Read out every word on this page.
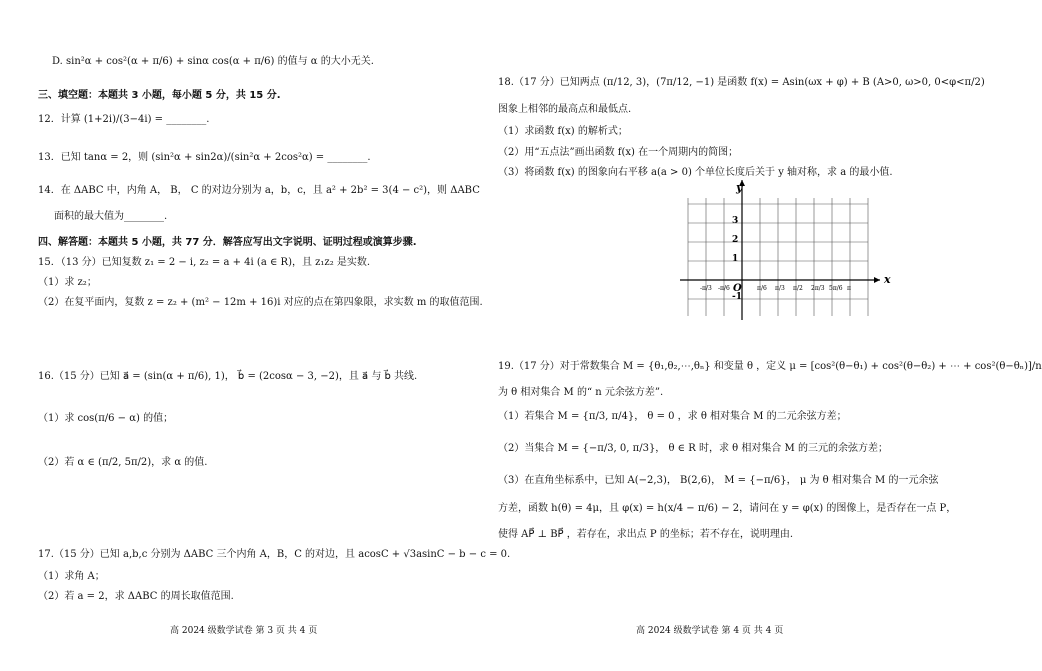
D. sin²α + cos²(α + π/6) + sinα cos(α + π/6) 的值与 α 的大小无关.
三、填空题：本题共 3 小题，每小题 5 分，共 15 分.
12．计算 (1+2i)/(3−4i) = ________.
13．已知 tanα = 2，则 (sin²α + sin2α)/(sin²α + 2cos²α) = ________.
14．在 ΔABC 中，内角 A， B， C 的对边分别为 a，b，c，且 a² + 2b² = 3(4 − c²)，则 ΔABC
面积的最大值为________.
四、解答题：本题共 5 小题，共 77 分．解答应写出文字说明、证明过程或演算步骤.
15．（13 分）已知复数 z₁ = 2 − i, z₂ = a + 4i (a ∈ R)，且 z₁z₂ 是实数.
（1）求 z₂；
（2）在复平面内，复数 z = z₂ + (m² − 12m + 16)i 对应的点在第四象限，求实数 m 的取值范围.
16.（15 分）已知 a⃗ = (sin(α + π/6), 1)， b⃗ = (2cosα − 3, −2)，且 a⃗ 与 b⃗ 共线.
（1）求 cos(π/6 − α) 的值；
（2）若 α ∈ (π/2, 5π/2)，求 α 的值.
17.（15 分）已知 a,b,c 分别为 ΔABC 三个内角 A，B，C 的对边，且 acosC + √3asinC − b − c = 0.
（1）求角 A；
（2）若 a = 2，求 ΔABC 的周长取值范围.
高 2024 级数学试卷 第 3 页 共 4 页
18.（17 分）已知两点 (π/12, 3)，(7π/12, −1) 是函数 f(x) = Asin(ωx + φ) + B (A>0, ω>0, 0<φ<π/2)
图象上相邻的最高点和最低点.
（1）求函数 f(x) 的解析式；
（2）用“五点法”画出函数 f(x) 在一个周期内的简图；
（3）将函数 f(x) 的图象向右平移 a(a > 0) 个单位长度后关于 y 轴对称，求 a 的最小值.
y
x
O
3
2
1
-1
-π/3 -π/6	π/6 π/3 π/2 2π/3 5π/6 π
19.（17 分）对于常数集合 M = {θ₁,θ₂,⋯,θₙ} 和变量 θ ，定义 μ = [cos²(θ−θ₁) + cos²(θ−θ₂) + ⋯ + cos²(θ−θₙ)]/n
为 θ 相对集合 M 的“ n 元余弦方差”.
（1）若集合 M = {π/3, π/4}， θ = 0 ，求 θ 相对集合 M 的二元余弦方差；
（2）当集合 M = {−π/3, 0, π/3}， θ ∈ R 时，求 θ 相对集合 M 的三元的余弦方差；
（3）在直角坐标系中，已知 A(−2,3)， B(2,6)， M = {−π/6}， μ 为 θ 相对集合 M 的一元余弦
方差，函数 h(θ) = 4μ，且 φ(x) = h(x/4 − π/6) − 2，请问在 y = φ(x) 的图像上，是否存在一点 P，
使得 AP⃗ ⊥ BP⃗ ，若存在，求出点 P 的坐标；若不存在，说明理由.
高 2024 级数学试卷 第 4 页 共 4 页
